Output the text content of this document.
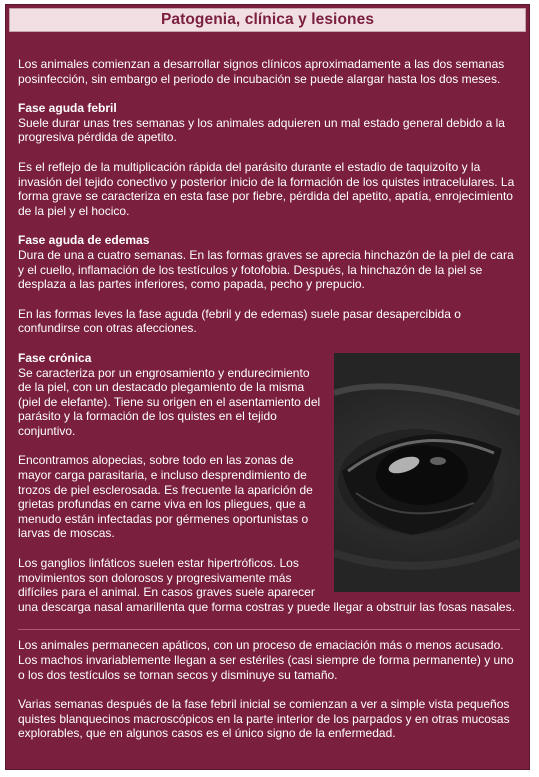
Patogenia, clínica y lesiones

Los animales comienzan a desarrollar signos clínicos aproximadamente a las dos semanas posinfección, sin embargo el periodo de incubación se puede alargar hasta los dos meses.

Fase aguda febril
Suele durar unas tres semanas y los animales adquieren un mal estado general debido a la progresiva pérdida de apetito.

Es el reflejo de la multiplicación rápida del parásito durante el estadio de taquizoíto y la invasión del tejido conectivo y posterior inicio de la formación de los quistes intracelulares. La forma grave se caracteriza en esta fase por fiebre, pérdida del apetito, apatía, enrojecimiento de la piel y el hocico.

Fase aguda de edemas
Dura de una a cuatro semanas. En las formas graves se aprecia hinchazón de la piel de cara y el cuello, inflamación de los testículos y fotofobia. Después, la hinchazón de la piel se desplaza a las partes inferiores, como papada, pecho y prepucio.

En las formas leves la fase aguda (febril y de edemas) suele pasar desapercibida o confundirse con otras afecciones.

Fase crónica
Se caracteriza por un engrosamiento y endurecimiento de la piel, con un destacado plegamiento de la misma (piel de elefante). Tiene su origen en el asentamiento del parásito y la formación de los quistes en el tejido conjuntivo.

Encontramos alopecias, sobre todo en las zonas de mayor carga parasitaria, e incluso desprendimiento de trozos de piel esclerosada. Es frecuente la aparición de grietas profundas en carne viva en los pliegues, que a menudo están infectadas por gérmenes oportunistas o larvas de moscas.

Los ganglios linfáticos suelen estar hipertróficos. Los movimientos son dolorosos y progresivamente más difíciles para el animal. En casos graves suele aparecer una descarga nasal amarillenta que forma costras y puede llegar a obstruir las fosas nasales.

Los animales permanecen apáticos, con un proceso de emaciación más o menos acusado. Los machos invariablemente llegan a ser estériles (casi siempre de forma permanente) y uno o los dos testículos se tornan secos y disminuye su tamaño.

Varias semanas después de la fase febril inicial se comienzan a ver a simple vista pequeños quistes blanquecinos macroscópicos en la parte interior de los parpados y en otras mucosas explorables, que en algunos casos es el único signo de la enfermedad.
